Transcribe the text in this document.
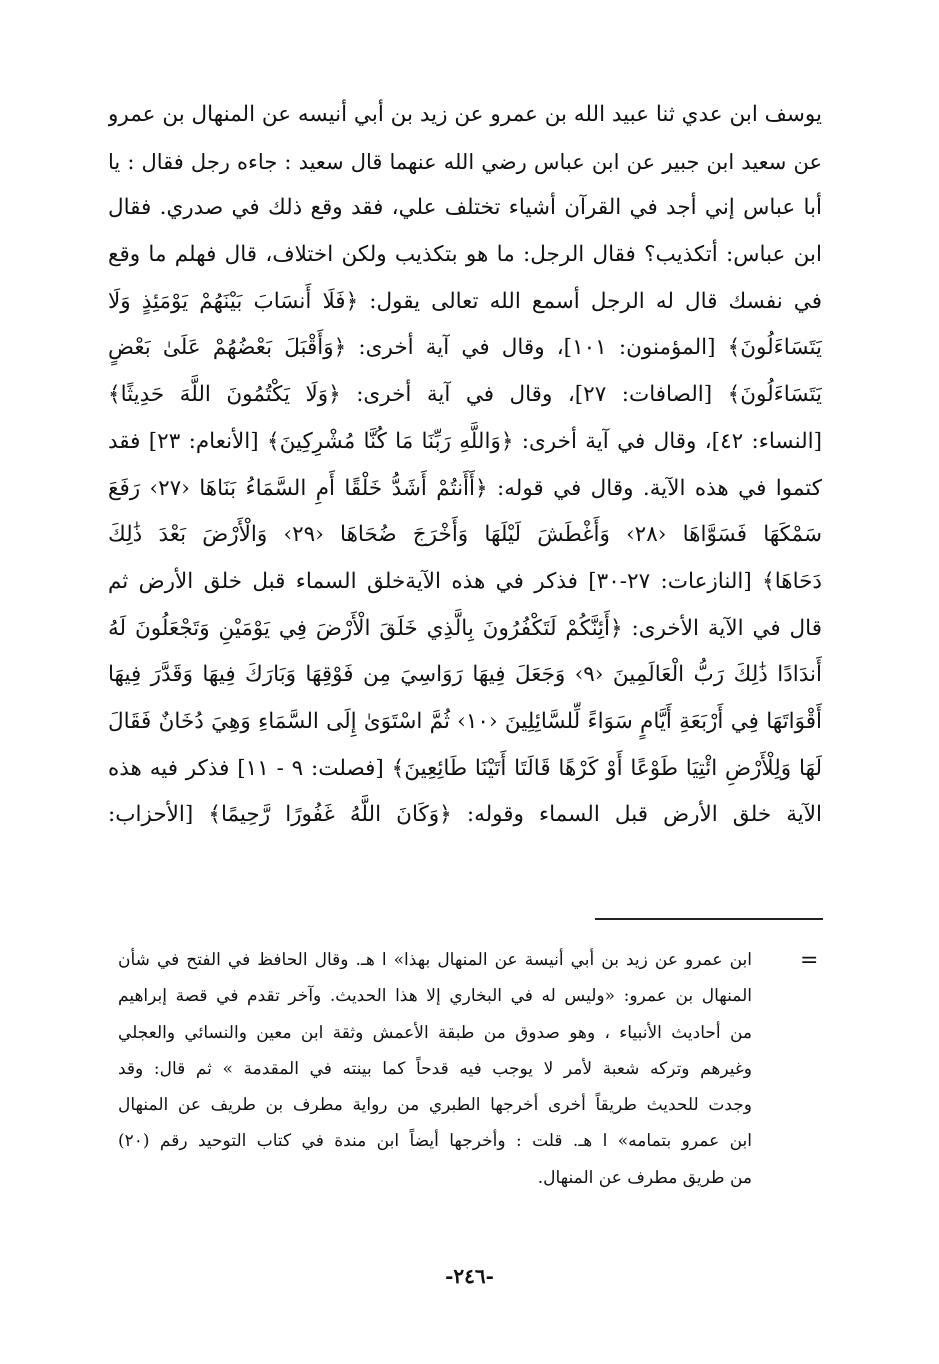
يوسف ابن عدي ثنا عبيد الله بن عمرو عن زيد بن أبي أنيسه عن المنهال بن عمرو
عن سعيد ابن جبير عن ابن عباس رضي الله عنهما قال سعيد : جاءه رجل فقال : يا
أبا عباس إني أجد في القرآن أشياء تختلف علي، فقد وقع ذلك في صدري. فقال
ابن عباس: أتكذيب؟ فقال الرجل: ما هو بتكذيب ولكن اختلاف، قال فهلم ما وقع
في نفسك قال له الرجل أسمع الله تعالى يقول: ﴿فَلَا أَنسَابَ بَيْنَهُمْ يَوْمَئِذٍ وَلَا
يَتَسَاءَلُونَ﴾ [المؤمنون: ١٠١]، وقال في آية أخرى: ﴿وَأَقْبَلَ بَعْضُهُمْ عَلَىٰ بَعْضٍ
يَتَسَاءَلُونَ﴾ [الصافات: ٢٧]، وقال في آية أخرى: ﴿وَلَا يَكْتُمُونَ اللَّهَ حَدِيثًا﴾
[النساء: ٤٢]، وقال في آية أخرى: ﴿وَاللَّهِ رَبِّنَا مَا كُنَّا مُشْرِكِينَ﴾ [الأنعام: ٢٣] فقد
كتموا في هذه الآية. وقال في قوله: ﴿أَأَنتُمْ أَشَدُّ خَلْقًا أَمِ السَّمَاءُ بَنَاهَا ‹٢٧› رَفَعَ
سَمْكَهَا فَسَوَّاهَا ‹٢٨› وَأَغْطَشَ لَيْلَهَا وَأَخْرَجَ ضُحَاهَا ‹٢٩› وَالْأَرْضَ بَعْدَ ذَٰلِكَ
دَحَاهَا﴾ [النازعات: ٢٧-٣٠] فذكر في هذه الآيةخلق السماء قبل خلق الأرض ثم
قال في الآية الأخرى: ﴿أَئِنَّكُمْ لَتَكْفُرُونَ بِالَّذِي خَلَقَ الْأَرْضَ فِي يَوْمَيْنِ وَتَجْعَلُونَ لَهُ
أَندَادًا ذَٰلِكَ رَبُّ الْعَالَمِينَ ‹٩› وَجَعَلَ فِيهَا رَوَاسِيَ مِن فَوْقِهَا وَبَارَكَ فِيهَا وَقَدَّرَ فِيهَا
أَقْوَاتَهَا فِي أَرْبَعَةِ أَيَّامٍ سَوَاءً لِّلسَّائِلِينَ ‹١٠› ثُمَّ اسْتَوَىٰ إِلَى السَّمَاءِ وَهِيَ دُخَانٌ فَقَالَ
لَهَا وَلِلْأَرْضِ ائْتِيَا طَوْعًا أَوْ كَرْهًا قَالَتَا أَتَيْنَا طَائِعِينَ﴾ [فصلت: ٩ - ١١] فذكر فيه هذه
الآية خلق الأرض قبل السماء وقوله: ﴿وَكَانَ اللَّهُ غَفُورًا رَّحِيمًا﴾ [الأحزاب:
=
ابن عمرو عن زيد بن أبي أنيسة عن المنهال بهذا» ا هـ. وقال الحافظ في الفتح في شأن
المنهال بن عمرو: «وليس له في البخاري إلا هذا الحديث. وآخر تقدم في قصة إبراهيم
من أحاديث الأنبياء ، وهو صدوق من طبقة الأعمش وثقة ابن معين والنسائي والعجلي
وغيرهم وتركه شعبة لأمر لا يوجب فيه قدحاً كما بينته في المقدمة » ثم قال: وقد
وجدت للحديث طريقاً أخرى أخرجها الطبري من رواية مطرف بن طريف عن المنهال
ابن عمرو بتمامه» ا هـ. قلت : وأخرجها أيضاً ابن مندة في كتاب التوحيد رقم (٢٠)
من طريق مطرف عن المنهال.
-٢٤٦-
